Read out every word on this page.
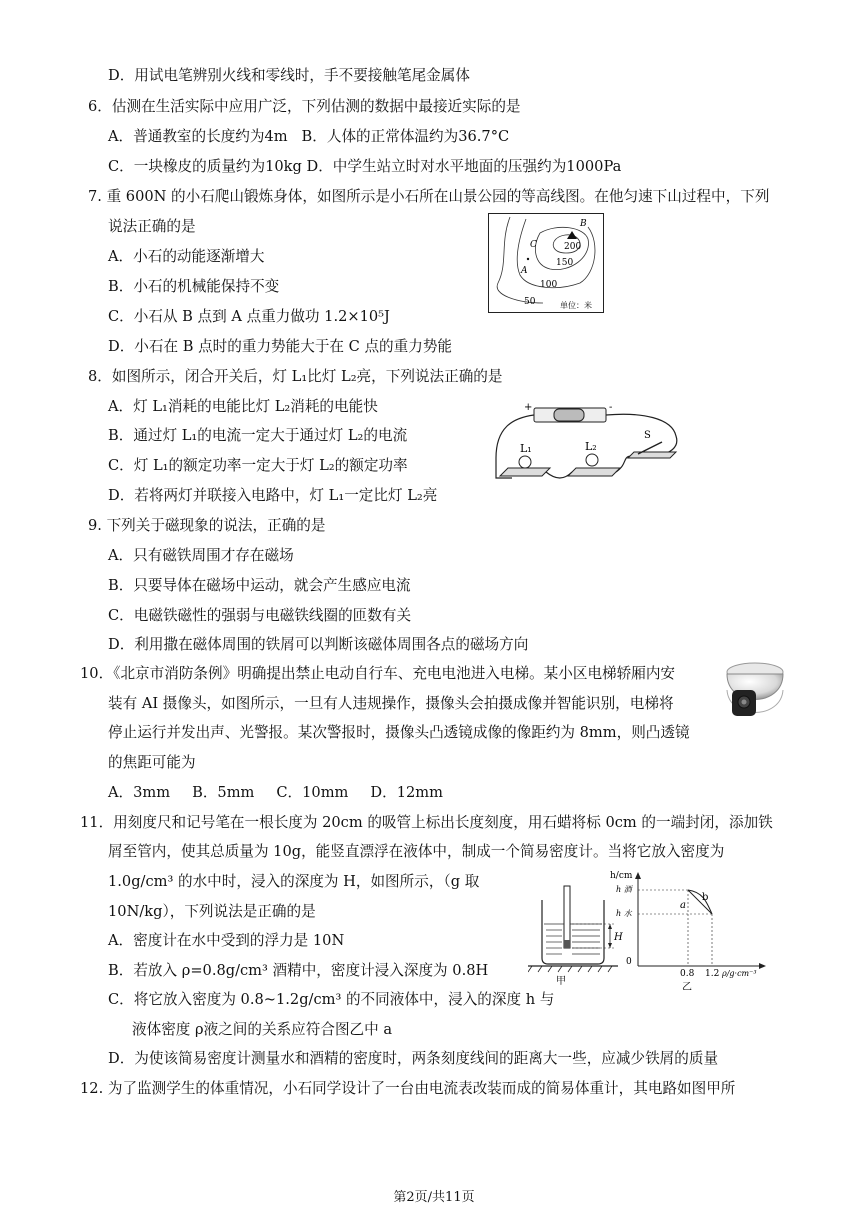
D．用试电笔辨别火线和零线时，手不要接触笔尾金属体
6．估测在生活实际中应用广泛，下列估测的数据中最接近实际的是
A．普通教室的长度约为4m B．人体的正常体温约为36.7°C
C．一块橡皮的质量约为10kg D．中学生站立时对水平地面的压强约为1000Pa
7. 重 600N 的小石爬山锻炼身体，如图所示是小石所在山景公园的等高线图。在他匀速下山过程中，下列
说法正确的是
A．小石的动能逐渐增大
B．小石的机械能保持不变
C．小石从 B 点到 A 点重力做功 1.2×10⁵J
D．小石在 B 点时的重力势能大于在 C 点的重力势能
B
200
C
150
A
100
50	单位：米
8．如图所示，闭合开关后，灯 L₁比灯 L₂亮，下列说法正确的是
A．灯 L₁消耗的电能比灯 L₂消耗的电能快
B．通过灯 L₁的电流一定大于通过灯 L₂的电流
C．灯 L₁的额定功率一定大于灯 L₂的额定功率
D．若将两灯并联接入电路中，灯 L₁一定比灯 L₂亮
+	-
L₁	L₂
S
9. 下列关于磁现象的说法，正确的是
A．只有磁铁周围才存在磁场
B．只要导体在磁场中运动，就会产生感应电流
C．电磁铁磁性的强弱与电磁铁线圈的匝数有关
D．利用撒在磁体周围的铁屑可以判断该磁体周围各点的磁场方向
10．《北京市消防条例》明确提出禁止电动自行车、充电电池进入电梯。某小区电梯轿厢内安
装有 AI 摄像头，如图所示，一旦有人违规操作，摄像头会拍摄成像并智能识别，电梯将
停止运行并发出声、光警报。某次警报时，摄像头凸透镜成像的像距约为 8mm，则凸透镜
的焦距可能为
A．3mm B．5mm C．10mm D．12mm
11．用刻度尺和记号笔在一根长度为 20cm 的吸管上标出长度刻度，用石蜡将标 0cm 的一端封闭，添加铁
屑至管内，使其总质量为 10g，能竖直漂浮在液体中，制成一个简易密度计。当将它放入密度为
1.0g/cm³ 的水中时，浸入的深度为 H，如图所示，（g 取
10N/kg），下列说法是正确的是
A．密度计在水中受到的浮力是 10N
B．若放入 ρ=0.8g/cm³ 酒精中，密度计浸入深度为 0.8H
C．将它放入密度为 0.8~1.2g/cm³ 的不同液体中，浸入的深度 h 与
液体密度 ρ液之间的关系应符合图乙中 a
D．为使该简易密度计测量水和酒精的密度时，两条刻度线间的距离大一些，应减少铁屑的质量
H
甲
h/cm
h 酒
h 水
a
b
0
0.8 1.2 ρ/g·cm⁻³
乙
12. 为了监测学生的体重情况，小石同学设计了一台由电流表改装而成的简易体重计，其电路如图甲所
第2页/共11页
